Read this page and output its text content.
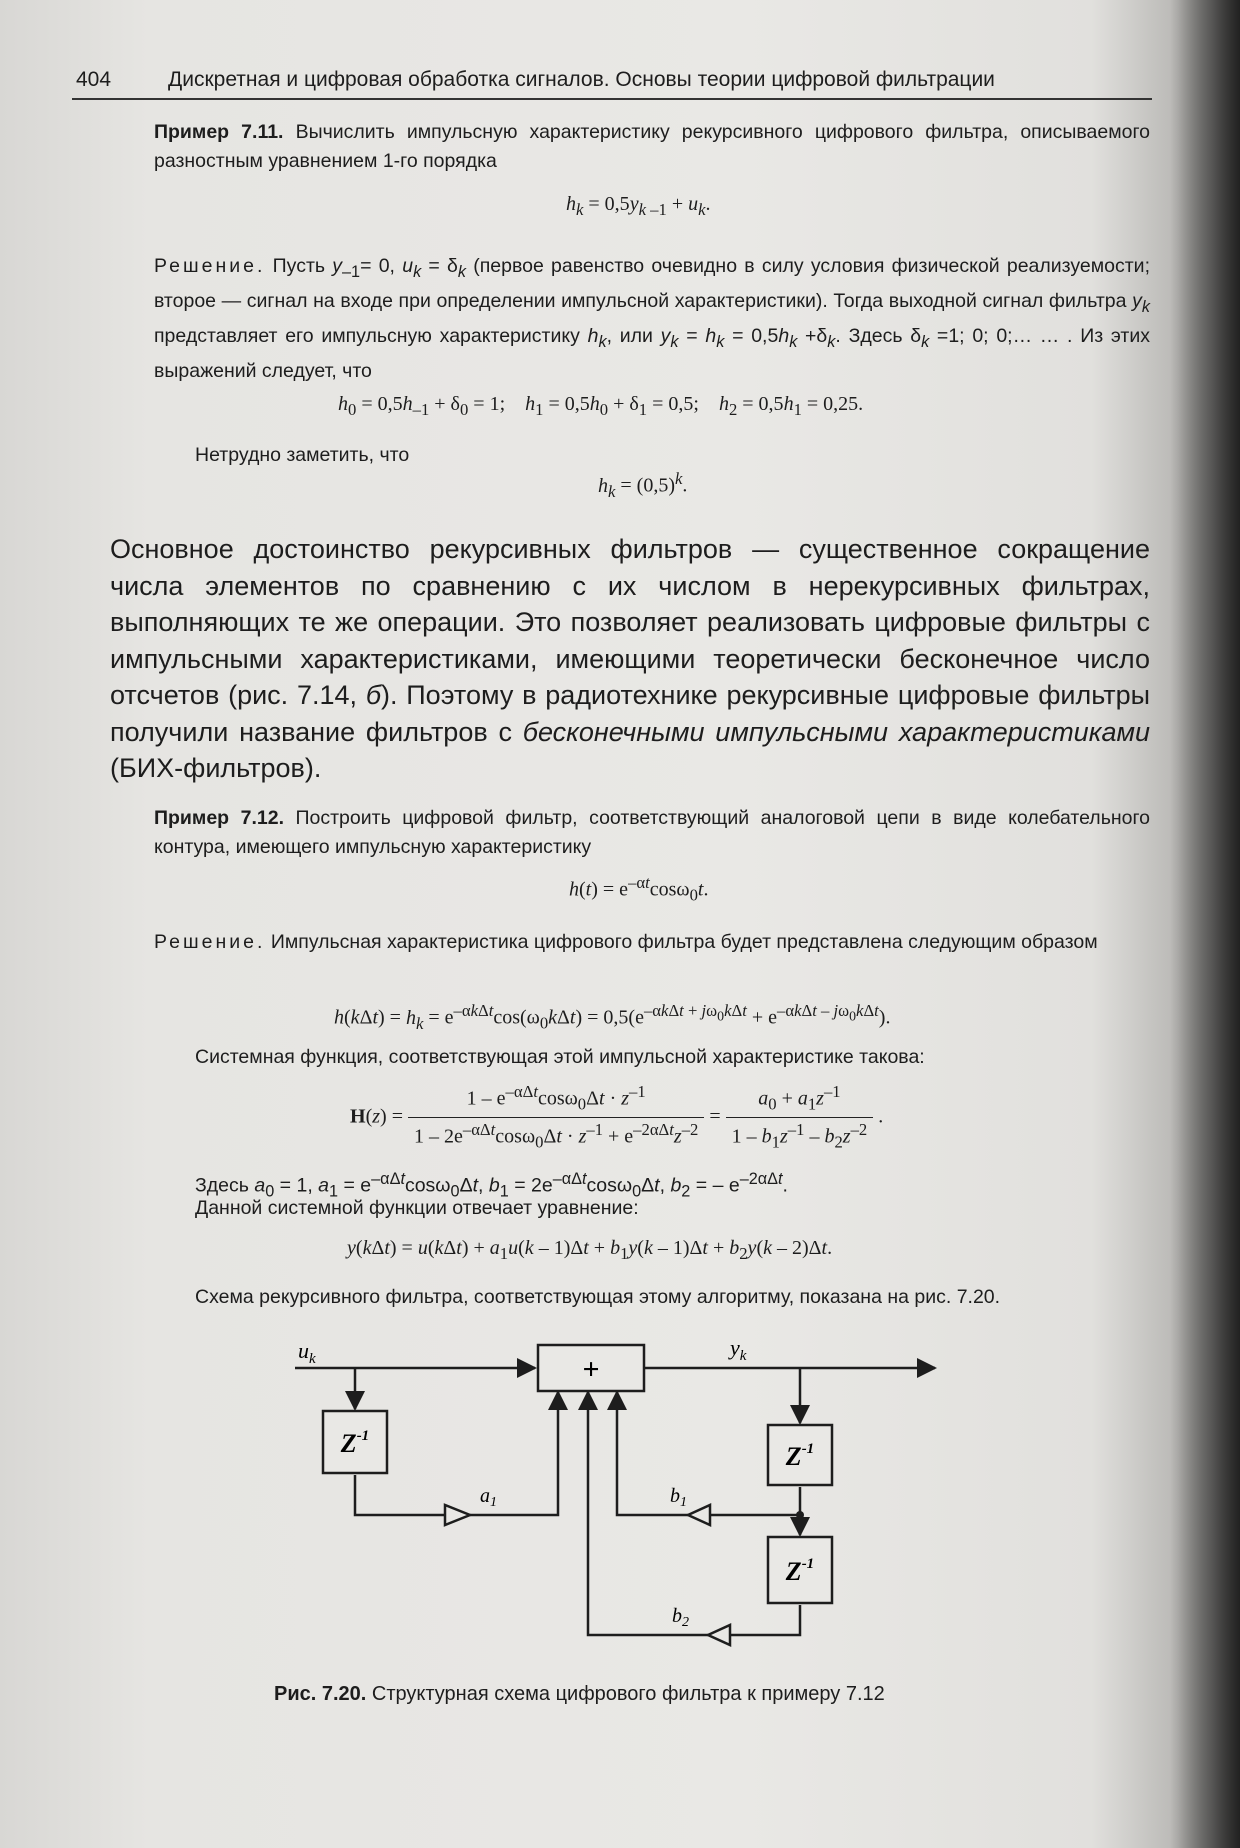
404	Дискретная и цифровая обработка сигналов. Основы теории цифровой фильтрации
Пример 7.11. Вычислить импульсную характеристику рекурсивного цифрового фильтра, описываемого разностным уравнением 1-го порядка
$h_k = 0,5y_{k -1} + u_k$.
Решение. Пусть $y_{-1}= 0$, $u_k = \delta_k$ (первое равенство очевидно в силу условия физической реализуемости; второе — сигнал на входе при определении импульсной характеристики). Тогда выходной сигнал фильтра $y_k$ представляет его импульсную характеристику $h_k$, или $y_k = h_k = 0,5h_k +\delta_k$. Здесь $\delta_k =1$; 0; 0;… … . Из этих выражений следует, что
$h_0 = 0,5h_{-1} + \delta_0 = 1$;    $h_1 = 0,5h_0 + \delta_1 = 0,5$;    $h_2 = 0,5h_1 = 0,25$.
Нетрудно заметить, что
$h_k = (0,5)^k$.
Основное достоинство рекурсивных фильтров — существенное сокращение числа элементов по сравнению с их числом в нерекурсивных фильтрах, выполняющих те же операции. Это позволяет реализовать цифровые фильтры с импульсными характеристиками, имеющими теоретически бесконечное число отсчетов (рис. 7.14, б). Поэтому в радиотехнике рекурсивные цифровые фильтры получили название фильтров с бесконечными импульсными характеристиками (БИХ-фильтров).
Пример 7.12. Построить цифровой фильтр, соответствующий аналоговой цепи в виде колебательного контура, имеющего импульсную характеристику
$h(t) = e^{-\alpha t}\cos\omega_0t$.
Решение. Импульсная характеристика цифрового фильтра будет представлена следующим образом
$h(k\Delta t) = h_k = e^{-\alpha k\Delta t}\cos(\omega_0k\Delta t) = 0,5(e^{-\alpha k\Delta t + j\omega_0k\Delta t} + e^{-\alpha k\Delta t - j\omega_0k\Delta t})$.
Системная функция, соответствующая этой импульсной характеристике такова:
$H(z) = \frac{1 - e^{-\alpha\Delta t}\cos\omega_0\Delta t \cdot z^{-1}}{1 - 2e^{-\alpha\Delta t}\cos\omega_0\Delta t \cdot z^{-1} + e^{-2\alpha\Delta t}z^{-2}} = \frac{a_0 + a_1z^{-1}}{1 - b_1z^{-1} - b_2z^{-2}}$ .
Здесь $a_0 = 1$, $a_1 = e^{-\alpha\Delta t}\cos\omega_0\Delta t$, $b_1 = 2e^{-\alpha\Delta t}\cos\omega_0\Delta t$, $b_2$ = – $e^{-2\alpha\Delta t}$.
Данной системной функции отвечает уравнение:
$y(k\Delta t) = u(k\Delta t) + a_1u(k - 1)\Delta t + b_1y(k - 1)\Delta t + b_2y(k - 2)\Delta t$.
Схема рекурсивного фильтра, соответствующая этому алгоритму, показана на рис. 7.20.
+
$Z^{-1}$
$Z^{-1}$
$Z^{-1}$
$u_k$	$y_k$
$a_1$	$b_1$
$b_2$
Рис. 7.20. Структурная схема цифрового фильтра к примеру 7.12
